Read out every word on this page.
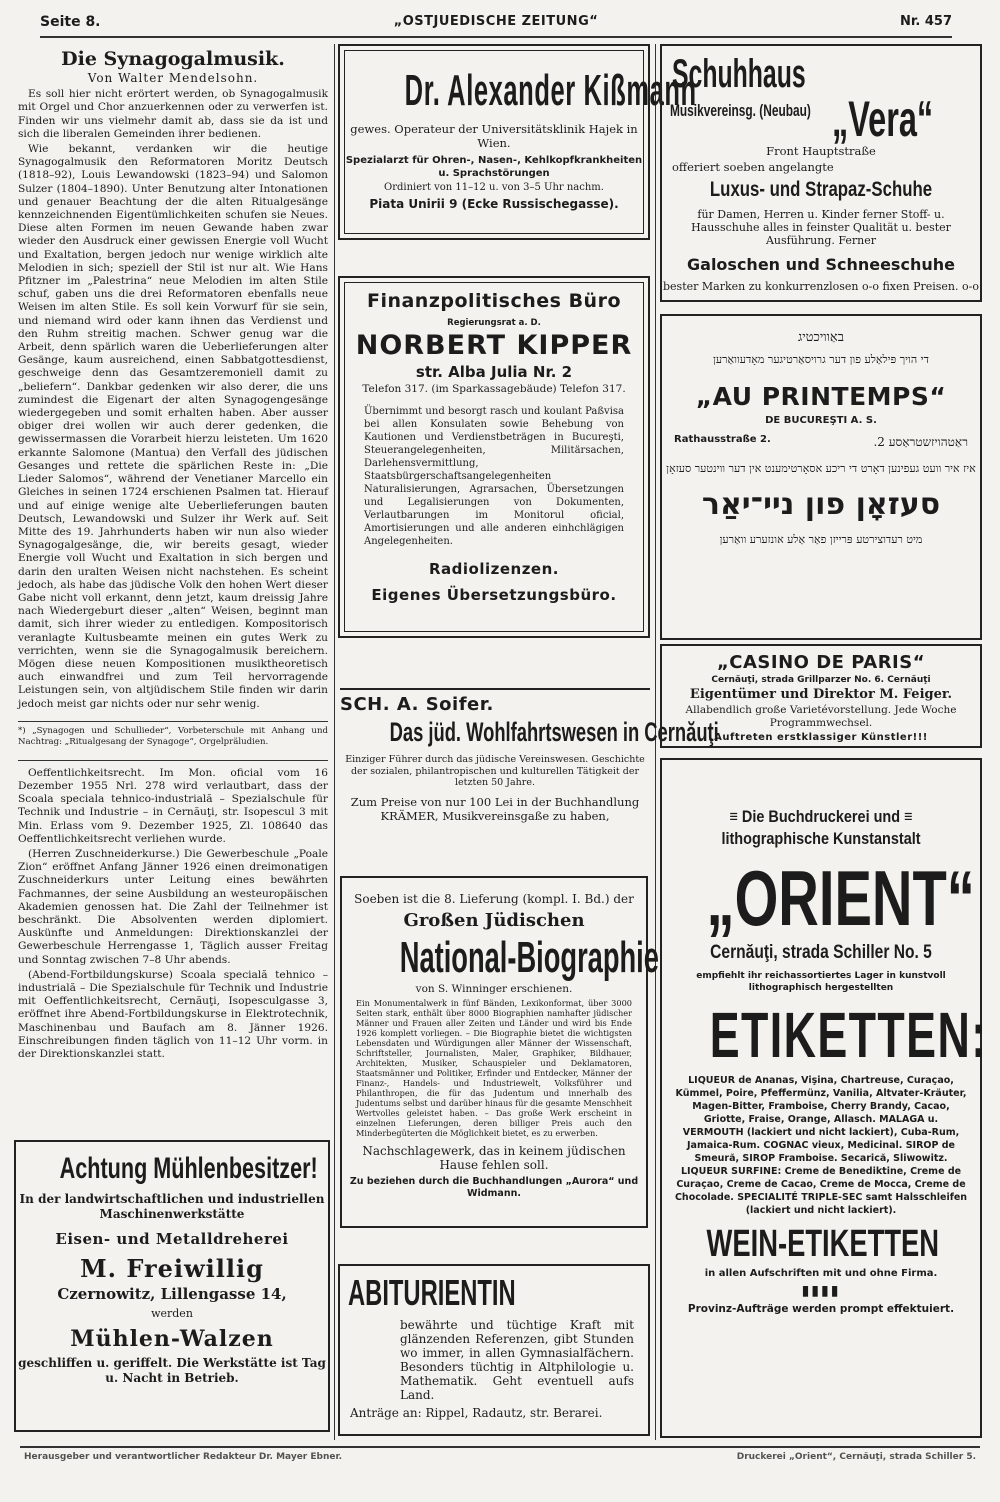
Seite 8.	„OSTJUEDISCHE ZEITUNG“	Nr. 457
Die Synagogalmusik.
Von Walter Mendelsohn.

Es soll hier nicht erörtert werden, ob Synagogalmusik mit Orgel und Chor anzuerkennen oder zu verwerfen ist. Finden wir uns vielmehr damit ab, dass sie da ist und sich die liberalen Gemeinden ihrer bedienen.

Wie bekannt, verdanken wir die heutige Synagogalmusik den Reformatoren Moritz Deutsch (1818–92), Louis Lewandowski (1823–94) und Salomon Sulzer (1804–1890). Unter Benutzung alter Intonationen und genauer Beachtung der die alten Ritualgesänge kennzeichnenden Eigentümlichkeiten schufen sie Neues. Diese alten Formen im neuen Gewande haben zwar wieder den Ausdruck einer gewissen Energie voll Wucht und Exaltation, bergen jedoch nur wenige wirklich alte Melodien in sich; speziell der Stil ist nur alt. Wie Hans Pfitzner im „Palestrina“ neue Melodien im alten Stile schuf, gaben uns die drei Reformatoren ebenfalls neue Weisen im alten Stile. Es soll kein Vorwurf für sie sein, und niemand wird oder kann ihnen das Verdienst und den Ruhm streitig machen. Schwer genug war die Arbeit, denn spärlich waren die Ueberlieferungen alter Gesänge, kaum ausreichend, einen Sabbatgottesdienst, geschweige denn das Gesamtzeremoniell damit zu „beliefern“. Dankbar gedenken wir also derer, die uns zumindest die Eigenart der alten Synagogengesänge wiedergegeben und somit erhalten haben. Aber ausser obiger drei wollen wir auch derer gedenken, die gewissermassen die Vorarbeit hierzu leisteten. Um 1620 erkannte Salomone (Mantua) den Verfall des jüdischen Gesanges und rettete die spärlichen Reste in: „Die Lieder Salomos“, während der Venetianer Marcello ein Gleiches in seinen 1724 erschienen Psalmen tat. Hierauf und auf einige wenige alte Ueberlieferungen bauten Deutsch, Lewandowski und Sulzer ihr Werk auf. Seit Mitte des 19. Jahrhunderts haben wir nun also wieder Synagogalgesänge, die, wir bereits gesagt, wieder Energie voll Wucht und Exaltation in sich bergen und darin den uralten Weisen nicht nachstehen. Es scheint jedoch, als habe das jüdische Volk den hohen Wert dieser Gabe nicht voll erkannt, denn jetzt, kaum dreissig Jahre nach Wiedergeburt dieser „alten“ Weisen, beginnt man damit, sich ihrer wieder zu entledigen. Kompositorisch veranlagte Kultusbeamte meinen ein gutes Werk zu verrichten, wenn sie die Synagogalmusik bereichern. Mögen diese neuen Kompositionen musiktheoretisch auch einwandfrei und zum Teil hervorragende Leistungen sein, von altjüdischem Stile finden wir darin jedoch meist gar nichts oder nur sehr wenig.

*) „Synagogen und Schullieder“, Vorbeterschule mit Anhang und Nachtrag: „Ritualgesang der Synagoge“, Orgelpräludien.

Oeffentlichkeitsrecht. Im Mon. oficial vom 16 Dezember 1955 Nrl. 278 wird verlautbart, dass der Scoala speciala tehnico-industrială – Spezialschule für Technik und Industrie – in Cernăuţi, str. Isopescul 3 mit Min. Erlass vom 9. Dezember 1925, Zl. 108640 das Oeffentlichkeitsrecht verliehen wurde.

(Herren Zuschneiderkurse.) Die Gewerbeschule „Poale Zion“ eröffnet Anfang Jänner 1926 einen dreimonatigen Zuschneiderkurs unter Leitung eines bewährten Fachmannes, der seine Ausbildung an westeuropäischen Akademien genossen hat. Die Zahl der Teilnehmer ist beschränkt. Die Absolventen werden diplomiert. Auskünfte und Anmeldungen: Direktionskanzlei der Gewerbeschule Herrengasse 1, Täglich ausser Freitag und Sonntag zwischen 7–8 Uhr abends.

(Abend-Fortbildungskurse) Scoala specială tehnico – industrială – Die Spezialschule für Technik und Industrie mit Oeffentlichkeitsrecht, Cernăuţi, Isopesculgasse 3, eröffnet ihre Abend-Fortbildungskurse in Elektrotechnik, Maschinenbau und Baufach am 8. Jänner 1926. Einschreibungen finden täglich von 11–12 Uhr vorm. in der Direktionskanzlei statt.

Achtung Mühlenbesitzer!
In der landwirtschaftlichen und industriellen Maschinenwerkstätte
Eisen- und Metalldreherei
M. Freiwillig
Czernowitz, Lillengasse 14,
werden
Mühlen-Walzen
geschliffen u. geriffelt. Die Werkstätte ist Tag u. Nacht in Betrieb.
Dr. Alexander Kißmann
gewes. Operateur der Universitätsklinik Hajek in Wien.
Spezialarzt für Ohren-, Nasen-, Kehlkopfkrankheiten u. Sprachstörungen
Ordiniert von 11–12 u. von 3–5 Uhr nachm.
Piata Unirii 9 (Ecke Russischegasse).
Finanzpolitisches Büro
Regierungsrat a. D.
NORBERT KIPPER
str. Alba Julia Nr. 2
Telefon 317. (im Sparkassagebäude) Telefon 317.
Übernimmt und besorgt rasch und koulant Paßvisa bei allen Konsulaten sowie Behebung von Kautionen und Verdienstbeträgen in Bucureşti, Steuerangelegenheiten, Militärsachen, Darlehensvermittlung, Staatsbürgerschaftsangelegenheiten Naturalisierungen, Agrarsachen, Übersetzungen und Legalisierungen von Dokumenten, Verlautbarungen im Monitorul oficial, Amortisierungen und alle anderen einhchlägigen Angelegenheiten.
Radiolizenzen.
Eigenes Übersetzungsbüro.
SCH. A. Soifer.
Das jüd. Wohlfahrtswesen in Cernăuţi
Einziger Führer durch das jüdische Vereinswesen. Geschichte der sozialen, philantropischen und kulturellen Tätigkeit der letzten 50 Jahre.
Zum Preise von nur 100 Lei in der Buchhandlung KRÄMER, Musikvereinsgaße zu haben,
Soeben ist die 8. Lieferung (kompl. I. Bd.) der
Großen Jüdischen
National-Biographie
von S. Winninger erschienen.
Ein Monumentalwerk in fünf Bänden, Lexikonformat, über 3000 Seiten stark, enthält über 8000 Biographien namhafter jüdischer Männer und Frauen aller Zeiten und Länder und wird bis Ende 1926 komplett vorliegen. – Die Biographie bietet die wichtigsten Lebensdaten und Würdigungen aller Männer der Wissenschaft, Schriftsteller, Journalisten, Maler, Graphiker, Bildhauer, Architekten, Musiker, Schauspieler und Deklamatoren, Staatsmänner und Politiker, Erfinder und Entdecker, Männer der Finanz-, Handels- und Industriewelt, Volksführer und Philanthropen, die für das Judentum und innerhalb des Judentums selbst und darüber hinaus für die gesamte Menschheit Wertvolles geleistet haben. – Das große Werk erscheint in einzelnen Lieferungen, deren billiger Preis auch den Minderbegüterten die Möglichkeit bietet, es zu erwerben.
Nachschlagewerk, das in keinem jüdischen Hause fehlen soll.
Zu beziehen durch die Buchhandlungen „Aurora“ und Widmann.
ABITURIENTIN
bewährte und tüchtige Kraft mit glänzenden Referenzen, gibt Stunden wo immer, in allen Gymnasialfächern. Besonders tüchtig in Altphilologie u. Mathematik. Geht eventuell aufs Land.
Anträge an: Rippel, Radautz, str. Berarei.
Schuhhaus
Musikvereinsg. (Neubau) „Vera“
Front Hauptstraße
offeriert soeben angelangte
Luxus- und Strapaz-Schuhe
für Damen, Herren u. Kinder ferner Stoff- u. Hausschuhe alles in feinster Qualität u. bester Ausführung. Ferner
Galoschen und Schneeschuhe
bester Marken zu konkurrenzlosen o-o fixen Preisen. o-o
באַוויכטיג
די הויך פּילאַלע פון דער גרויסאַרטיגער מאָדעוואַרען
„AU PRINTEMPS“
DE BUCUREŞTI A. S.
Rathausstraße 2.	ראַטהויזשטראַסע 2.
איז איר וועט געפינען דאָרט די ריכע אסאָרטימענט אין דער ווינטער סעזאָן
סעזאָן פון ניי־יאַר
מיט רעדוצירטע פּרייזן פאַר אַלע אונזערע וואַרען
„CASINO DE PARIS“
Cernăuţi, strada Grillparzer No. 6. Cernăuţi
Eigentümer und Direktor M. Feiger.
Allabendlich große Varietévorstellung. Jede Woche Programmwechsel.
Auftreten erstklassiger Künstler!!!
≡ Die Buchdruckerei und ≡ lithographische Kunstanstalt
„ORIENT“
Cernăuţi, strada Schiller No. 5
empfiehlt ihr reichassortiertes Lager in kunstvoll lithographisch hergestellten
ETIKETTEN:
LIQUEUR de Ananas, Vişina, Chartreuse, Curaçao, Kümmel, Poire, Pfeffermünz, Vanilia, Altvater-Kräuter, Magen-Bitter, Framboise, Cherry Brandy, Cacao, Griotte, Fraise, Orange, Allasch. MALAGA u. VERMOUTH (lackiert und nicht lackiert), Cuba-Rum, Jamaica-Rum. COGNAC vieux, Medicinal. SIROP de Smeură, SIROP Framboise. Secarică, Sliwowitz. LIQUEUR SURFINE: Creme de Benediktine, Creme de Curaçao, Creme de Cacao, Creme de Mocca, Creme de Chocolade. SPECIALITÉ TRIPLE-SEC samt Halsschleifen (lackiert und nicht lackiert).
WEIN-ETIKETTEN
in allen Aufschriften mit und ohne Firma.
▮▮▮▮
Provinz-Aufträge werden prompt effektuiert.
Herausgeber und verantwortlicher Redakteur Dr. Mayer Ebner.	Druckerei „Orient“, Cernăuţi, strada Schiller 5.
